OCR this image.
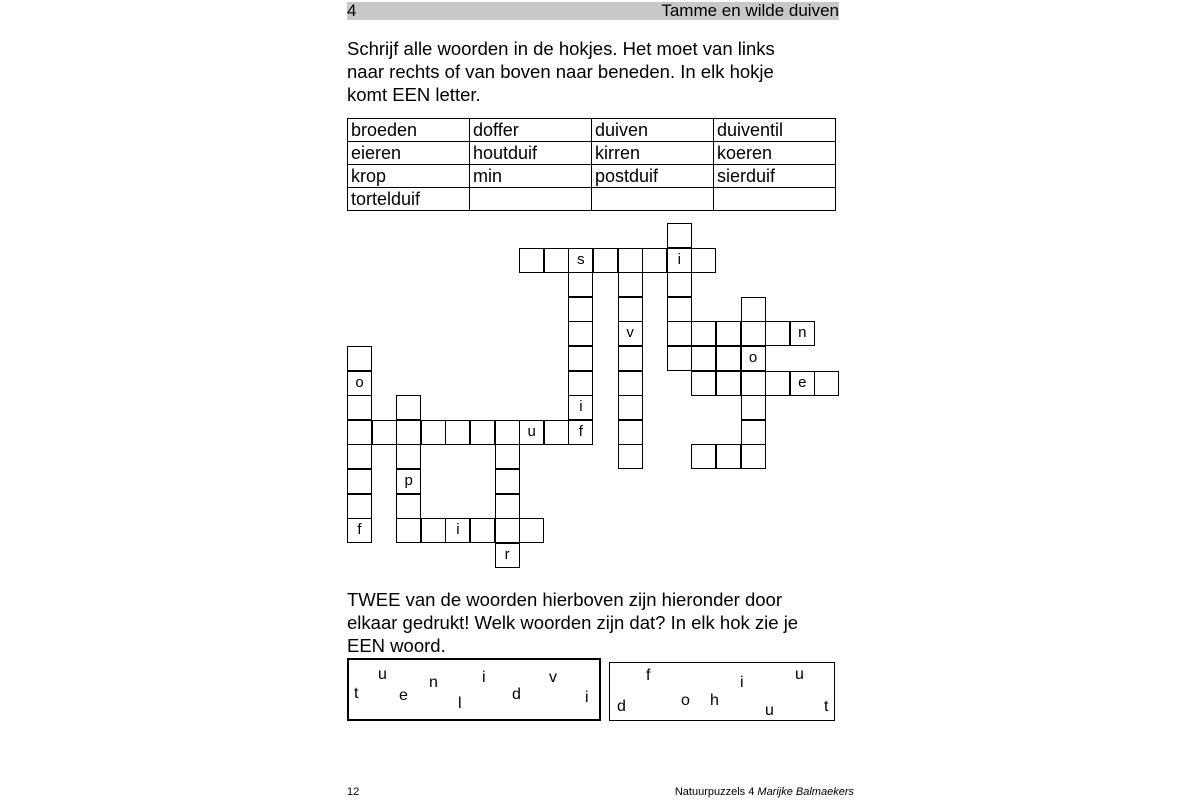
4	Tamme en wilde duiven

Schrijf alle woorden in de hokjes. Het moet van links

naar rechts of van boven naar beneden. In elk hokje

komt EEN letter.

broeden	doffer	duiven	duiventil
eieren	houtduif	kirren	koeren
krop	min	postduif	sierduif
tortelduif			
s	i
i
f
v
o
n
e
o
f
p
u
r
i

TWEE van de woorden hierboven zijn hieronder door

elkaar gedrukt! Welk woorden zijn dat? In elk hok zie je

EEN woord.

u
t	e
n
l
i
d
v
i
f
d	o h
i	u
u	t
12	Natuurpuzzels 4 Marijke Balmaekers
